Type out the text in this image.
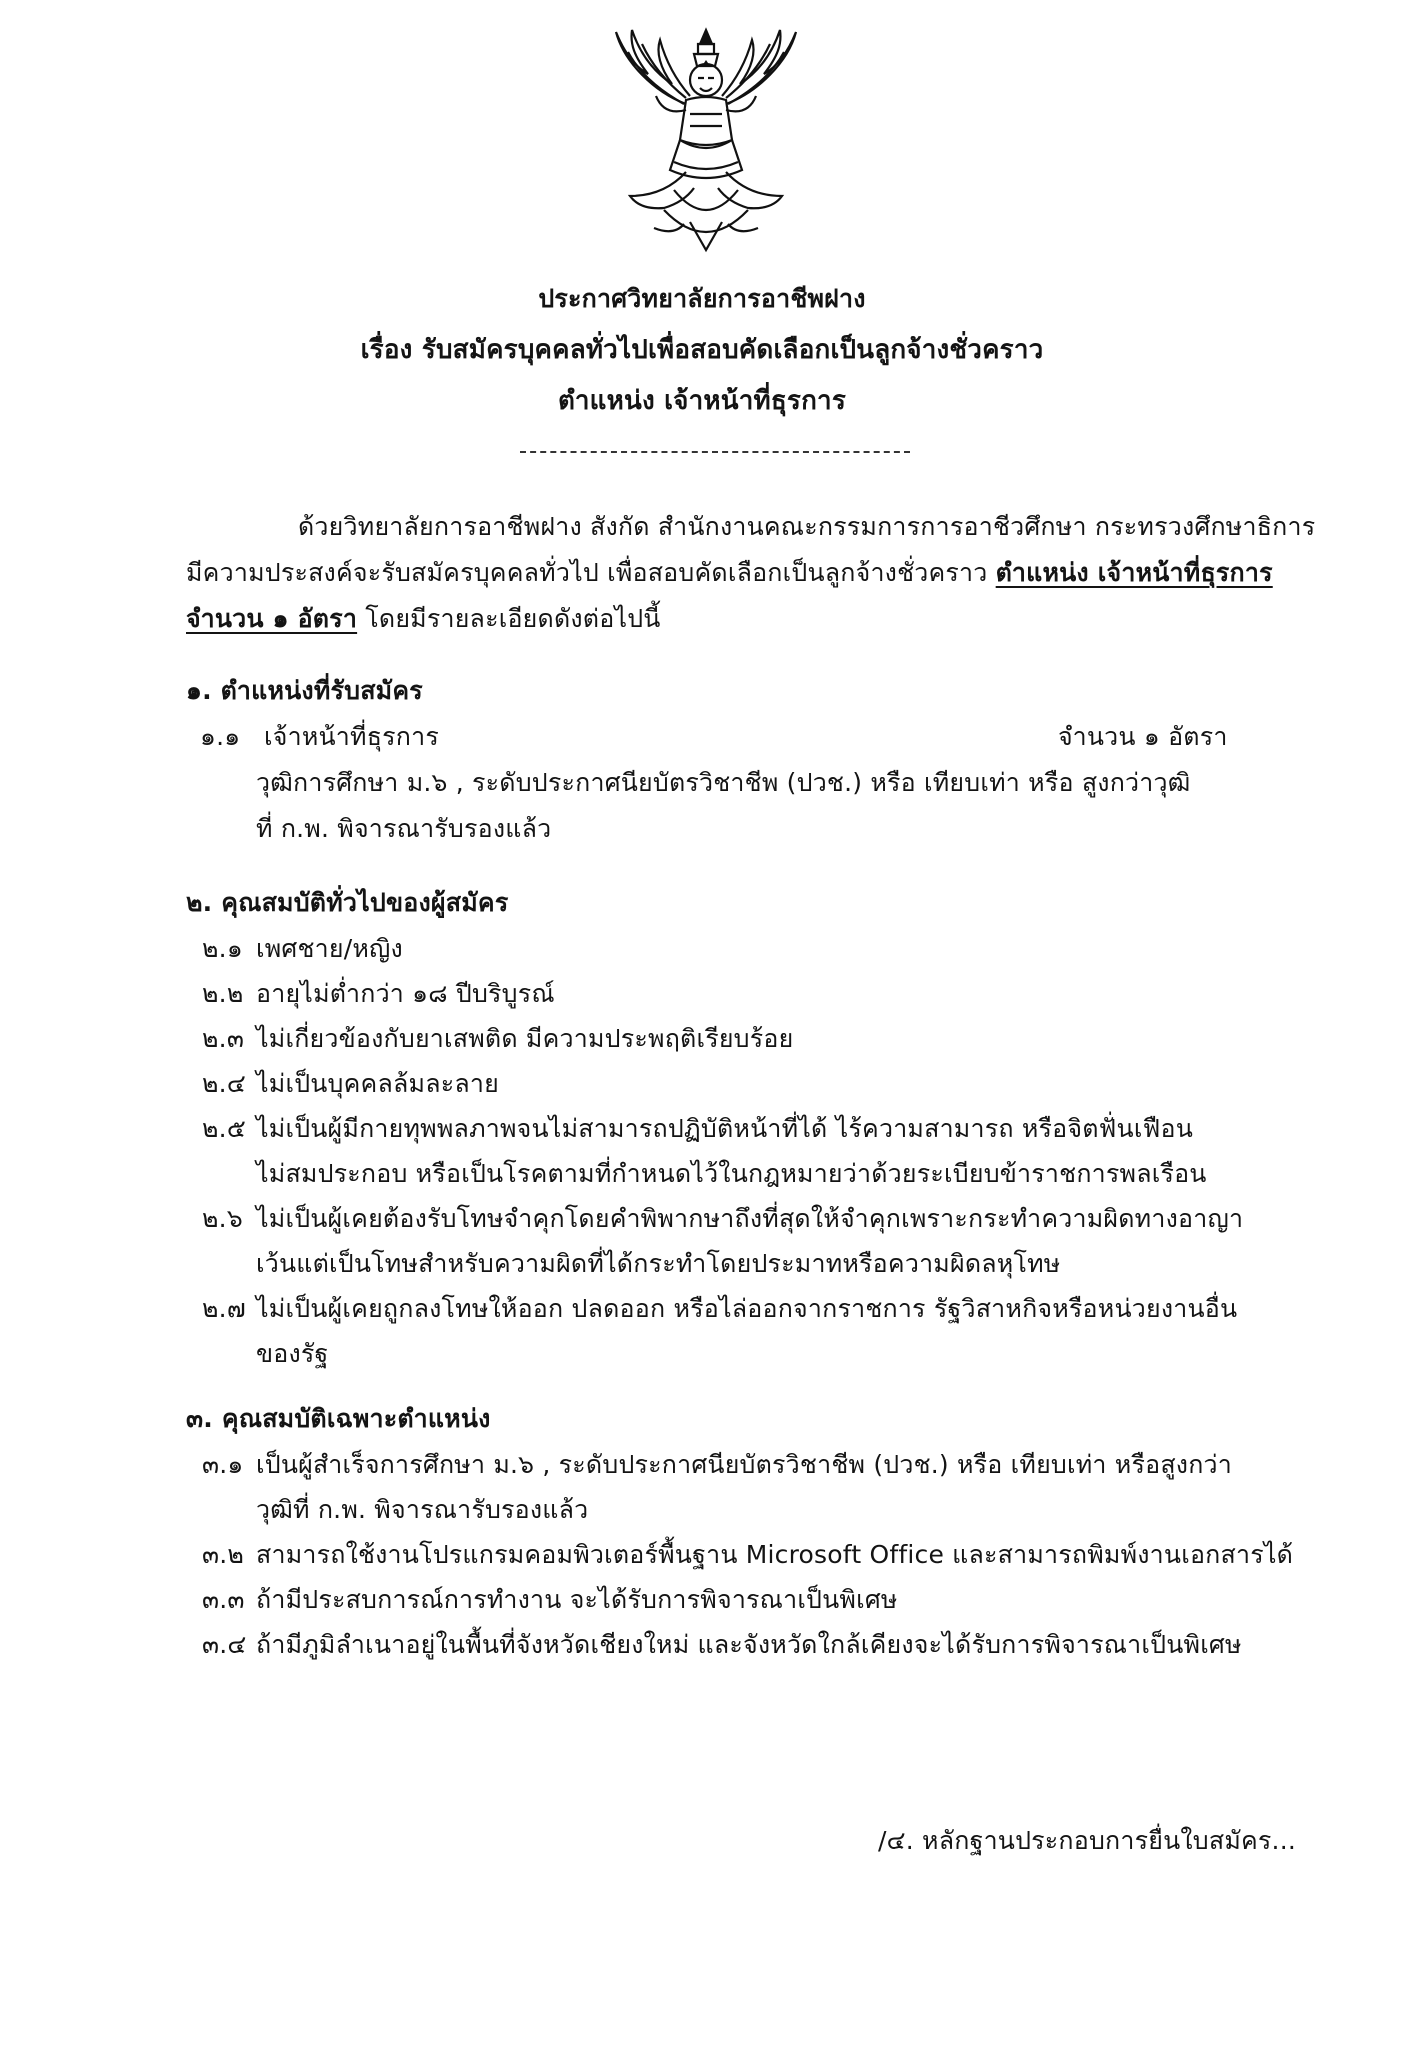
ประกาศวิทยาลัยการอาชีพฝาง
เรื่อง รับสมัครบุคคลทั่วไปเพื่อสอบคัดเลือกเป็นลูกจ้างชั่วคราว
ตำแหน่ง เจ้าหน้าที่ธุรการ
ด้วยวิทยาลัยการอาชีพฝาง สังกัด สำนักงานคณะกรรมการการอาชีวศึกษา กระทรวงศึกษาธิการ
มีความประสงค์จะรับสมัครบุคคลทั่วไป เพื่อสอบคัดเลือกเป็นลูกจ้างชั่วคราว ตำแหน่ง เจ้าหน้าที่ธุรการ
จำนวน ๑ อัตรา โดยมีรายละเอียดดังต่อไปนี้
๑. ตำแหน่งที่รับสมัคร
๑.๑ เจ้าหน้าที่ธุรการ	จำนวน ๑ อัตรา
วุฒิการศึกษา ม.๖ , ระดับประกาศนียบัตรวิชาชีพ (ปวช.) หรือ เทียบเท่า หรือ สูงกว่าวุฒิ
ที่ ก.พ. พิจารณารับรองแล้ว
๒. คุณสมบัติทั่วไปของผู้สมัคร
๒.๑ เพศชาย/หญิง
๒.๒ อายุไม่ต่ำกว่า ๑๘ ปีบริบูรณ์
๒.๓ ไม่เกี่ยวข้องกับยาเสพติด มีความประพฤติเรียบร้อย
๒.๔ ไม่เป็นบุคคลล้มละลาย
๒.๕ ไม่เป็นผู้มีกายทุพพลภาพจนไม่สามารถปฏิบัติหน้าที่ได้ ไร้ความสามารถ หรือจิตฟั่นเฟือน
ไม่สมประกอบ หรือเป็นโรคตามที่กำหนดไว้ในกฎหมายว่าด้วยระเบียบข้าราชการพลเรือน
๒.๖ ไม่เป็นผู้เคยต้องรับโทษจำคุกโดยคำพิพากษาถึงที่สุดให้จำคุกเพราะกระทำความผิดทางอาญา
เว้นแต่เป็นโทษสำหรับความผิดที่ได้กระทำโดยประมาทหรือความผิดลหุโทษ
๒.๗ ไม่เป็นผู้เคยถูกลงโทษให้ออก ปลดออก หรือไล่ออกจากราชการ รัฐวิสาหกิจหรือหน่วยงานอื่น
ของรัฐ
๓. คุณสมบัติเฉพาะตำแหน่ง
๓.๑ เป็นผู้สำเร็จการศึกษา ม.๖ , ระดับประกาศนียบัตรวิชาชีพ (ปวช.) หรือ เทียบเท่า หรือสูงกว่า
วุฒิที่ ก.พ. พิจารณารับรองแล้ว
๓.๒ สามารถใช้งานโปรแกรมคอมพิวเตอร์พื้นฐาน Microsoft Office และสามารถพิมพ์งานเอกสารได้
๓.๓ ถ้ามีประสบการณ์การทำงาน จะได้รับการพิจารณาเป็นพิเศษ
๓.๔ ถ้ามีภูมิลำเนาอยู่ในพื้นที่จังหวัดเชียงใหม่ และจังหวัดใกล้เคียงจะได้รับการพิจารณาเป็นพิเศษ
/๔. หลักฐานประกอบการยื่นใบสมัคร...
